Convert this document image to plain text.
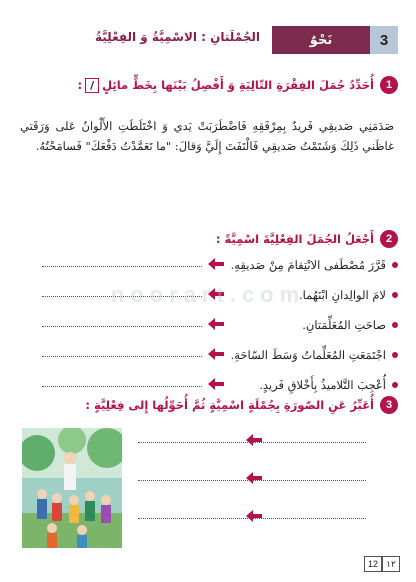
نَحْوٌ	3
الجُمْلَتانِ : الاسْمِيَّةُ وَ الفِعْلِيَّةُ
1
أُحَدِّدُ جُمَلَ الفِقْرَةِ التّالِيَةِ وَ أَفْصِلُ بَيْنَها بِخَطٍّ مائِلٍ/:
صَدَمَنِي صَديقِي فَريدٌ بِمِرْفَقِهِ فَاضْطَرَبَتْ يَدي وَ اخْتَلَطَتِ الأَلْوانُ عَلى وَرَقَتي غاظَني ذَلِكَ وَشَتَمْتُ صَديقِي فَالْتَفَتَ إِلَيَّ وَقالَ: "ما تَعَمَّدْتُ دَفْعَكَ" فَسامَحْتُهُ.
2
أَجْعَلُ الجُمَلَ الفِعْلِيَّةَ اسْمِيَّةً :
قَرَّرَ مُصْطَفى الانْتِقامَ مِنْ صَديقِهِ.
لامَ الوالِدانِ ابْنَهُما.
صاحَتِ المُعَلِّمَتانِ.
اجْتَمَعَتِ المُعَلِّماتُ وَسَطَ السّاحَةِ.
أُعْجِبَ التَّلاميذُ بِأَخْلاقِ فَريدٍ.
3
أُعَبِّرُ عَنِ الصّورَةِ بِجُمْلَةٍ اسْمِيَّةٍ ثُمَّ أُحَوِّلُها إِلى فِعْلِيَّةٍ :
noorart.com
12 ١٢
